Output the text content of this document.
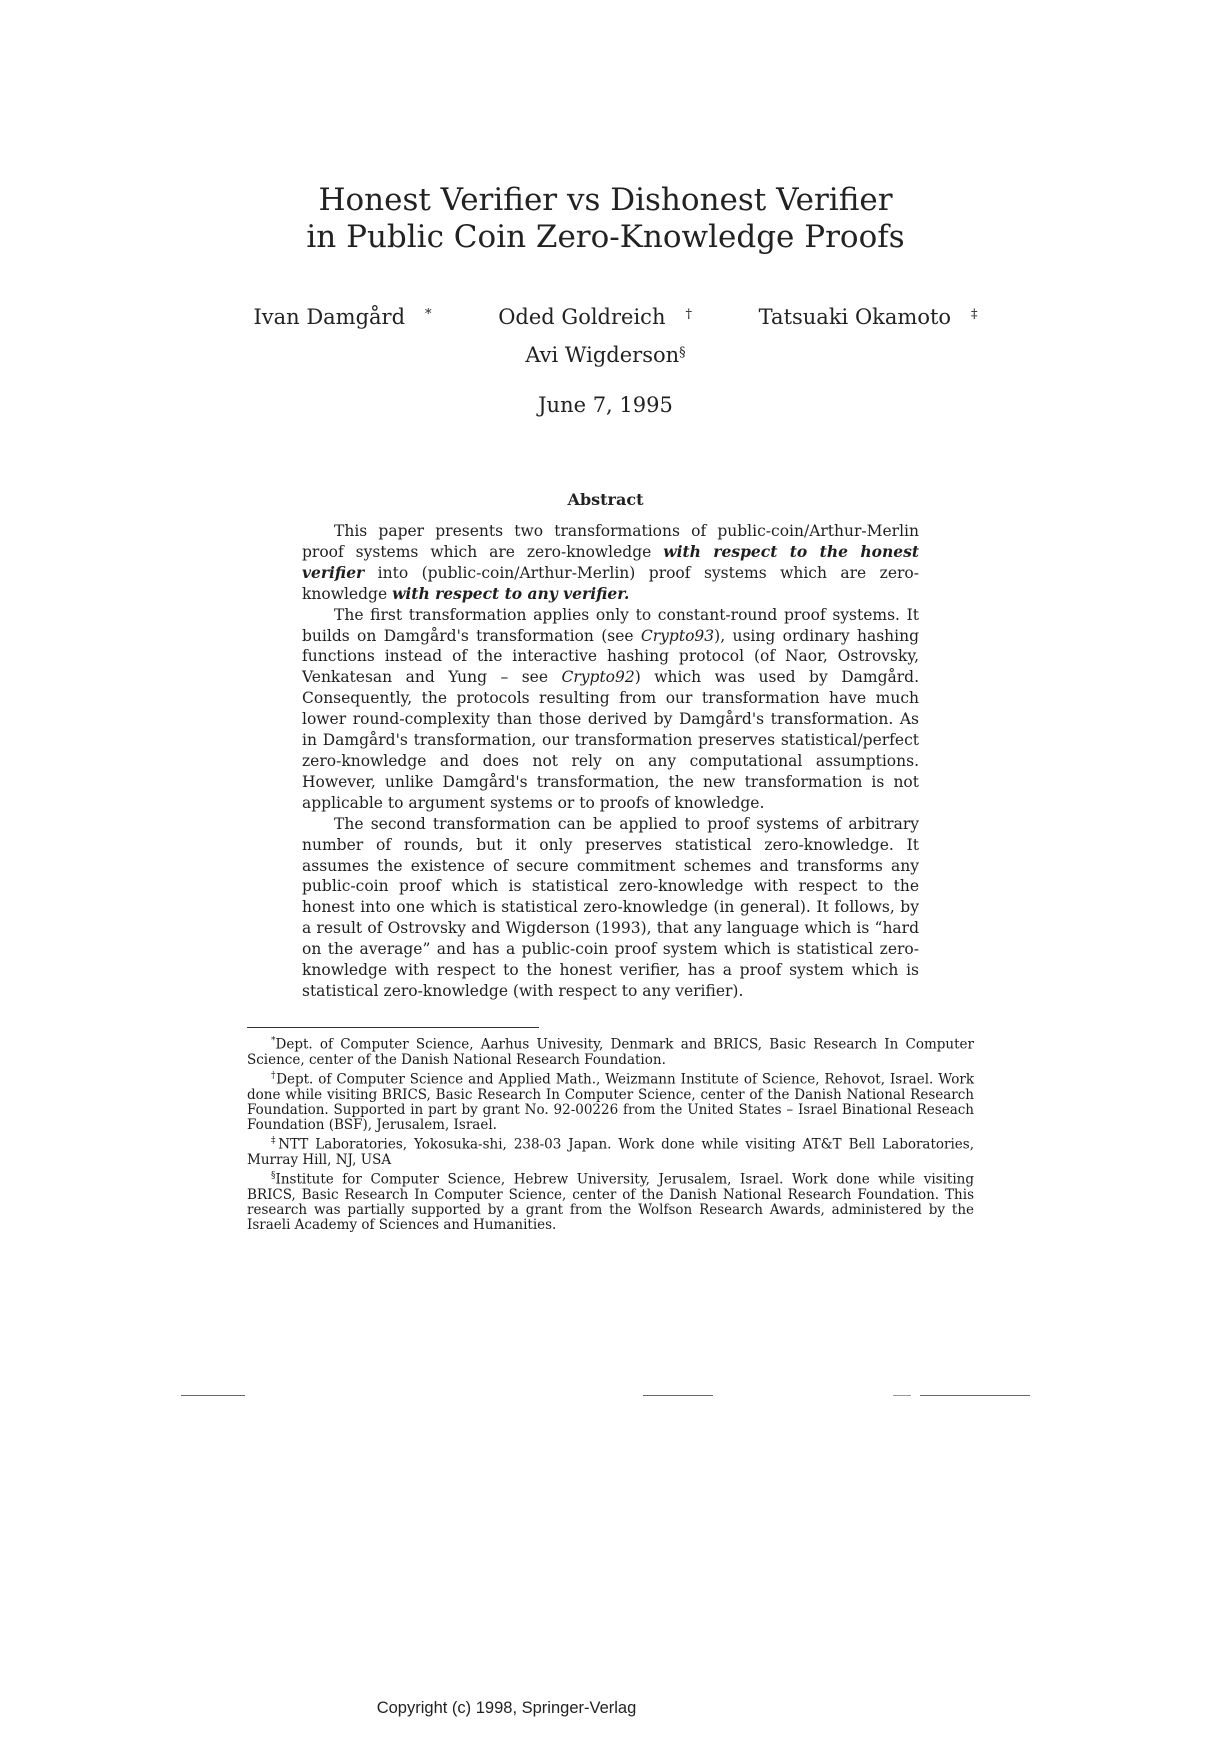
Honest Verifier vs Dishonest Verifier
in Public Coin Zero-Knowledge Proofs
Ivan Damgård *	Oded Goldreich †	Tatsuaki Okamoto ‡
Avi Wigderson§
June 7, 1995
Abstract

This paper presents two transformations of public-coin/Arthur-Merlin proof systems which are zero-knowledge with respect to the honest verifier into (public-coin/Arthur-Merlin) proof systems which are zero-knowledge with respect to any verifier.

The first transformation applies only to constant-round proof systems. It builds on Damgård's transformation (see Crypto93), using ordinary hashing functions instead of the interactive hashing protocol (of Naor, Ostrovsky, Venkatesan and Yung – see Crypto92) which was used by Damgård. Consequently, the protocols resulting from our transformation have much lower round-complexity than those derived by Damgård's transformation. As in Damgård's transformation, our transformation preserves statistical/perfect zero-knowledge and does not rely on any computational assumptions. However, unlike Damgård's transformation, the new transformation is not applicable to argument systems or to proofs of knowledge.

The second transformation can be applied to proof systems of arbitrary number of rounds, but it only preserves statistical zero-knowledge. It assumes the existence of secure commitment schemes and transforms any public-coin proof which is statistical zero-knowledge with respect to the honest into one which is statistical zero-knowledge (in general). It follows, by a result of Ostrovsky and Wigderson (1993), that any language which is “hard on the average” and has a public-coin proof system which is statistical zero-knowledge with respect to the honest verifier, has a proof system which is statistical zero-knowledge (with respect to any verifier).

*Dept. of Computer Science, Aarhus Univesity, Denmark and BRICS, Basic Research In Computer Science, center of the Danish National Research Foundation.

†Dept. of Computer Science and Applied Math., Weizmann Institute of Science, Rehovot, Israel. Work done while visiting BRICS, Basic Research In Computer Science, center of the Danish National Research Foundation. Supported in part by grant No. 92-00226 from the United States – Israel Binational Reseach Foundation (BSF), Jerusalem, Israel.

‡NTT Laboratories, Yokosuka-shi, 238-03 Japan. Work done while visiting AT&T Bell Laboratories, Murray Hill, NJ, USA

§Institute for Computer Science, Hebrew University, Jerusalem, Israel. Work done while visiting BRICS, Basic Research In Computer Science, center of the Danish National Research Foundation. This research was partially supported by a grant from the Wolfson Research Awards, administered by the Israeli Academy of Sciences and Humanities.

Copyright (c) 1998, Springer-Verlag
